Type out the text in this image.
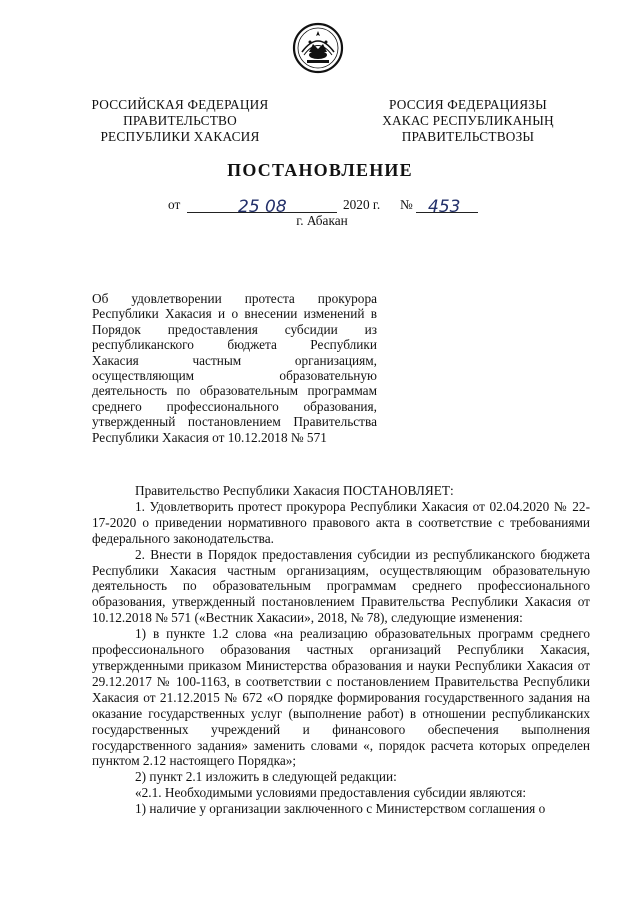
РОССИЙСКАЯ ФЕДЕРАЦИЯ
ПРАВИТЕЛЬСТВО
РЕСПУБЛИКИ ХАКАСИЯ
РОССИЯ ФЕДЕРАЦИЯЗЫ
ХАКАС РЕСПУБЛИКАНЫҢ
ПРАВИТЕЛЬСТВОЗЫ
ПОСТАНОВЛЕНИЕ
от	25 08	2020 г. № 453
г. Абакан
Об удовлетворении протеста прокурора
Республики Хакасия и о внесении изменений в
Порядок предоставления субсидии из
республиканского бюджета Республики
Хакасия частным организациям,
осуществляющим образовательную
деятельность по образовательным программам
среднего профессионального образования,
утвержденный постановлением Правительства
Республики Хакасия от 10.12.2018 № 571

Правительство Республики Хакасия ПОСТАНОВЛЯЕТ:

1. Удовлетворить протест прокурора Республики Хакасия от 02.04.2020 № 22-17-2020 о приведении нормативного правового акта в соответствие с требованиями федерального законодательства.

2. Внести в Порядок предоставления субсидии из республиканского бюджета Республики Хакасия частным организациям, осуществляющим образовательную деятельность по образовательным программам среднего профессионального образования, утвержденный постановлением Правительства Республики Хакасия от 10.12.2018 № 571 («Вестник Хакасии», 2018, № 78), следующие изменения:

1) в пункте 1.2 слова «на реализацию образовательных программ среднего профессионального образования частных организаций Республики Хакасия, утвержденными приказом Министерства образования и науки Республики Хакасия от 29.12.2017 № 100-1163, в соответствии с постановлением Правительства Республики Хакасия от 21.12.2015 № 672 «О порядке формирования государственного задания на оказание государственных услуг (выполнение работ) в отношении республиканских государственных учреждений и финансового обеспечения выполнения государственного задания» заменить словами «, порядок расчета которых определен пунктом 2.12 настоящего Порядка»;

2) пункт 2.1 изложить в следующей редакции:

«2.1. Необходимыми условиями предоставления субсидии являются:

1) наличие у организации заключенного с Министерством соглашения о
